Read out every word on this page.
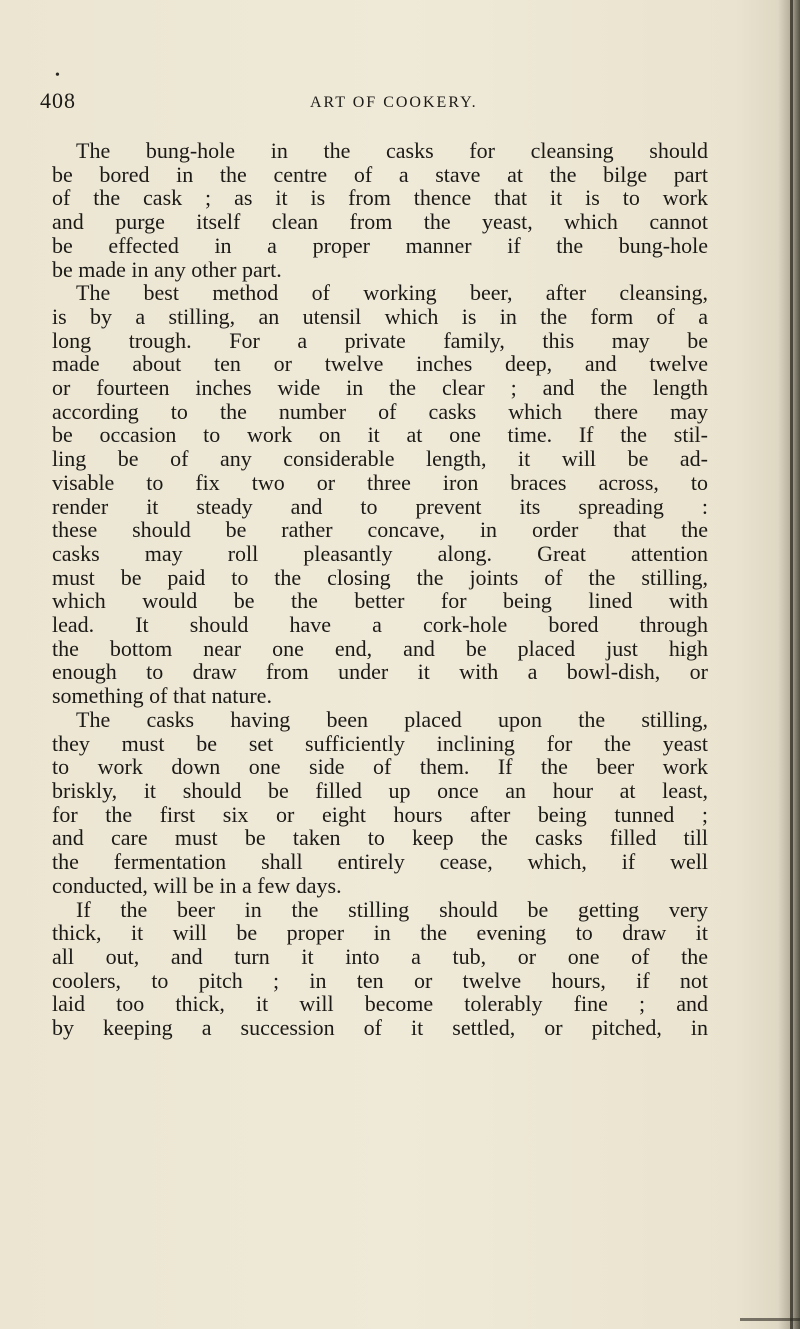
•
408	ART OF COOKERY.
The bung-hole in the casks for cleansing should
be bored in the centre of a stave at the bilge part
of the cask ; as it is from thence that it is to work
and purge itself clean from the yeast, which cannot
be effected in a proper manner if the bung-hole
be made in any other part.
The best method of working beer, after cleansing,
is by a stilling, an utensil which is in the form of a
long trough. For a private family, this may be
made about ten or twelve inches deep, and twelve
or fourteen inches wide in the clear ; and the length
according to the number of casks which there may
be occasion to work on it at one time. If the stil-
ling be of any considerable length, it will be ad-
visable to fix two or three iron braces across, to
render it steady and to prevent its spreading :
these should be rather concave, in order that the
casks may roll pleasantly along. Great attention
must be paid to the closing the joints of the stilling,
which would be the better for being lined with
lead. It should have a cork-hole bored through
the bottom near one end, and be placed just high
enough to draw from under it with a bowl-dish, or
something of that nature.
The casks having been placed upon the stilling,
they must be set sufficiently inclining for the yeast
to work down one side of them. If the beer work
briskly, it should be filled up once an hour at least,
for the first six or eight hours after being tunned ;
and care must be taken to keep the casks filled till
the fermentation shall entirely cease, which, if well
conducted, will be in a few days.
If the beer in the stilling should be getting very
thick, it will be proper in the evening to draw it
all out, and turn it into a tub, or one of the
coolers, to pitch ; in ten or twelve hours, if not
laid too thick, it will become tolerably fine ; and
by keeping a succession of it settled, or pitched, in
